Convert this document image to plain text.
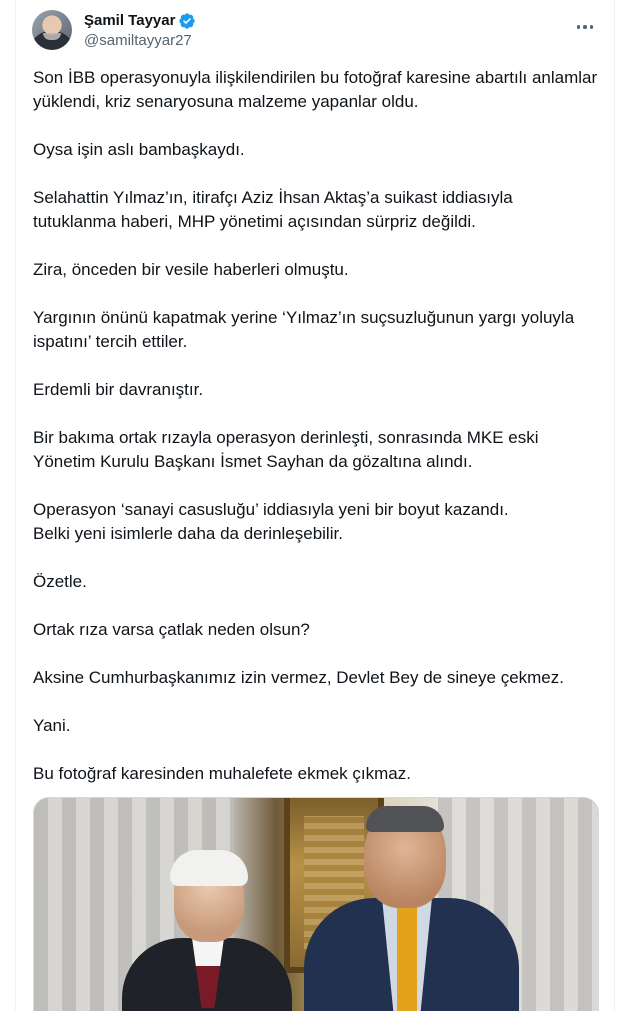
Şamil Tayyar
@samiltayyar27

Son İBB operasyonuyla ilişkilendirilen bu fotoğraf karesine abartılı anlamlar yüklendi, kriz senaryosuna malzeme yapanlar oldu.

Oysa işin aslı bambaşkaydı.

Selahattin Yılmaz’ın, itirafçı Aziz İhsan Aktaş’a suikast iddiasıyla tutuklanma haberi, MHP yönetimi açısından sürpriz değildi.

Zira, önceden bir vesile haberleri olmuştu.

Yargının önünü kapatmak yerine ‘Yılmaz’ın suçsuzluğunun yargı yoluyla ispatını’ tercih ettiler.

Erdemli bir davranıştır.

Bir bakıma ortak rızayla operasyon derinleşti, sonrasında MKE eski Yönetim Kurulu Başkanı İsmet Sayhan da gözaltına alındı.

Operasyon ‘sanayi casusluğu’ iddiasıyla yeni bir boyut kazandı.
Belki yeni isimlerle daha da derinleşebilir.

Özetle.

Ortak rıza varsa çatlak neden olsun?

Aksine Cumhurbaşkanımız izin vermez, Devlet Bey de sineye çekmez.

Yani.

Bu fotoğraf karesinden muhalefete ekmek çıkmaz.
